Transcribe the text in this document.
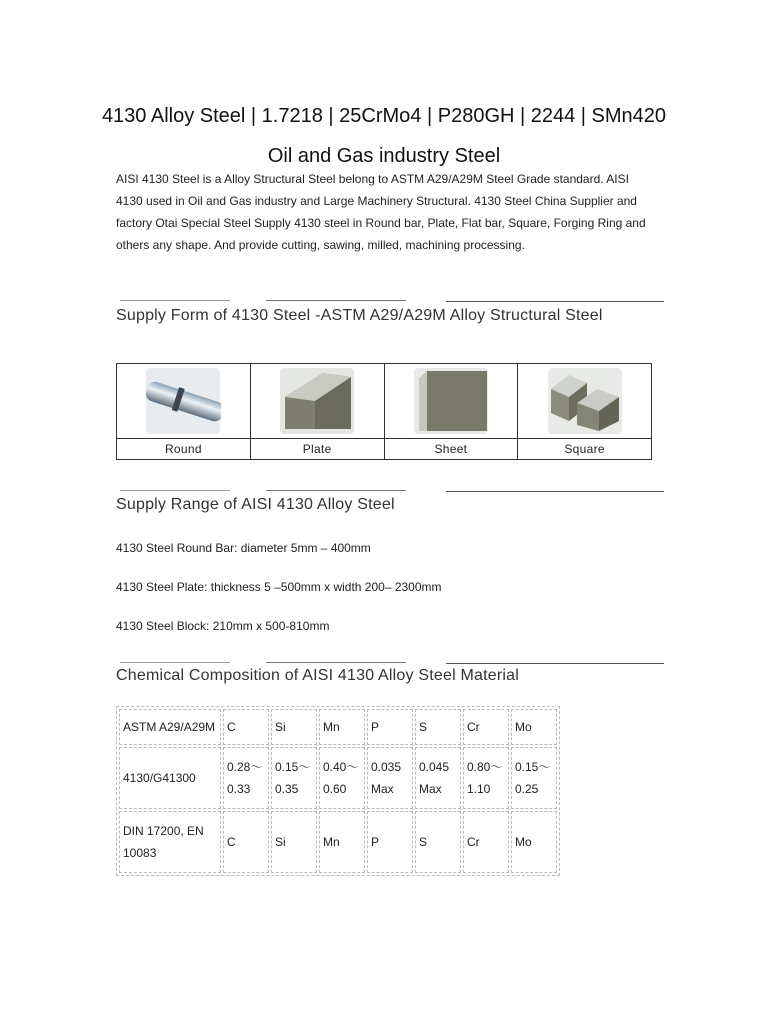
4130 Alloy Steel | 1.7218 | 25CrMo4 | P280GH | 2244 | SMn420 Oil and Gas industry Steel

AISI 4130 Steel is a Alloy Structural Steel belong to ASTM A29/A29M Steel Grade standard. AISI 4130 used in Oil and Gas industry and Large Machinery Structural. 4130 Steel China Supplier and factory Otai Special Steel Supply 4130 steel in Round bar, Plate, Flat bar, Square, Forging Ring and others any shape. And provide cutting, sawing, milled, machining processing.

Supply Form of 4130 Steel -ASTM A29/A29M Alloy Structural Steel
Round	Plate	Sheet	Square
Supply Range of AISI 4130 Alloy Steel

4130 Steel Round Bar: diameter 5mm – 400mm

4130 Steel Plate: thickness 5 –500mm x width 200– 2300mm

4130 Steel Block: 210mm x 500-810mm

Chemical Composition of AISI 4130 Alloy Steel Material
ASTM A29/A29M	C	Si	Mn	P	S	Cr	Mo
4130/G41300	0.28～0.33	0.15～0.35	0.40～0.60	0.035 Max	0.045 Max	0.80～1.10	0.15～0.25
DIN 17200, EN 10083	C	Si	Mn	P	S	Cr	Mo
